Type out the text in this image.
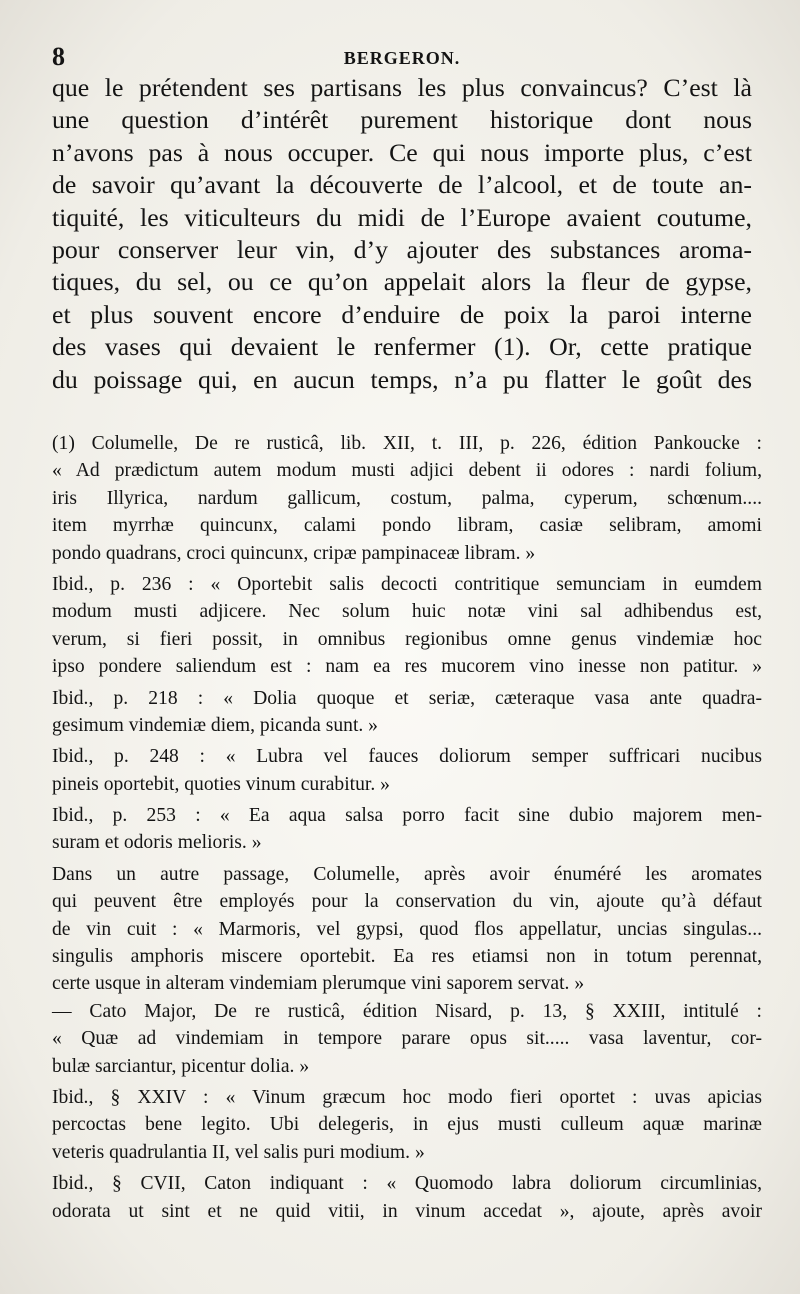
8	BERGERON.
que le prétendent ses partisans les plus convaincus? C’est là
une question d’intérêt purement historique dont nous
n’avons pas à nous occuper. Ce qui nous importe plus, c’est
de savoir qu’avant la découverte de l’alcool, et de toute an-
tiquité, les viticulteurs du midi de l’Europe avaient coutume,
pour conserver leur vin, d’y ajouter des substances aroma-
tiques, du sel, ou ce qu’on appelait alors la fleur de gypse,
et plus souvent encore d’enduire de poix la paroi interne
des vases qui devaient le renfermer (1). Or, cette pratique
du poissage qui, en aucun temps, n’a pu flatter le goût des
(1) Columelle, De re rusticâ, lib. XII, t. III, p. 226, édition Pankoucke :
« Ad prædictum autem modum musti adjici debent ii odores : nardi folium,
iris Illyrica, nardum gallicum, costum, palma, cyperum, schœnum....
item myrrhæ quincunx, calami pondo libram, casiæ selibram, amomi
pondo quadrans, croci quincunx, cripæ pampinaceæ libram. »
Ibid., p. 236 : « Oportebit salis decocti contritique semunciam in eumdem
modum musti adjicere. Nec solum huic notæ vini sal adhibendus est,
verum, si fieri possit, in omnibus regionibus omne genus vindemiæ hoc
ipso pondere saliendum est : nam ea res mucorem vino inesse non patitur. »
Ibid., p. 218 : « Dolia quoque et seriæ, cæteraque vasa ante quadra-
gesimum vindemiæ diem, picanda sunt. »
Ibid., p. 248 : « Lubra vel fauces doliorum semper suffricari nucibus
pineis oportebit, quoties vinum curabitur. »
Ibid., p. 253 : « Ea aqua salsa porro facit sine dubio majorem men-
suram et odoris melioris. »
Dans un autre passage, Columelle, après avoir énuméré les aromates
qui peuvent être employés pour la conservation du vin, ajoute qu’à défaut
de vin cuit : « Marmoris, vel gypsi, quod flos appellatur, uncias singulas...
singulis amphoris miscere oportebit. Ea res etiamsi non in totum perennat,
certe usque in alteram vindemiam plerumque vini saporem servat. »
— Cato Major, De re rusticâ, édition Nisard, p. 13, § XXIII, intitulé :
« Quæ ad vindemiam in tempore parare opus sit..... vasa laventur, cor-
bulæ sarciantur, picentur dolia. »
Ibid., § XXIV : « Vinum græcum hoc modo fieri oportet : uvas apicias
percoctas bene legito. Ubi delegeris, in ejus musti culleum aquæ marinæ
veteris quadrulantia II, vel salis puri modium. »
Ibid., § CVII, Caton indiquant : « Quomodo labra doliorum circumlinias,
odorata ut sint et ne quid vitii, in vinum accedat », ajoute, après avoir
